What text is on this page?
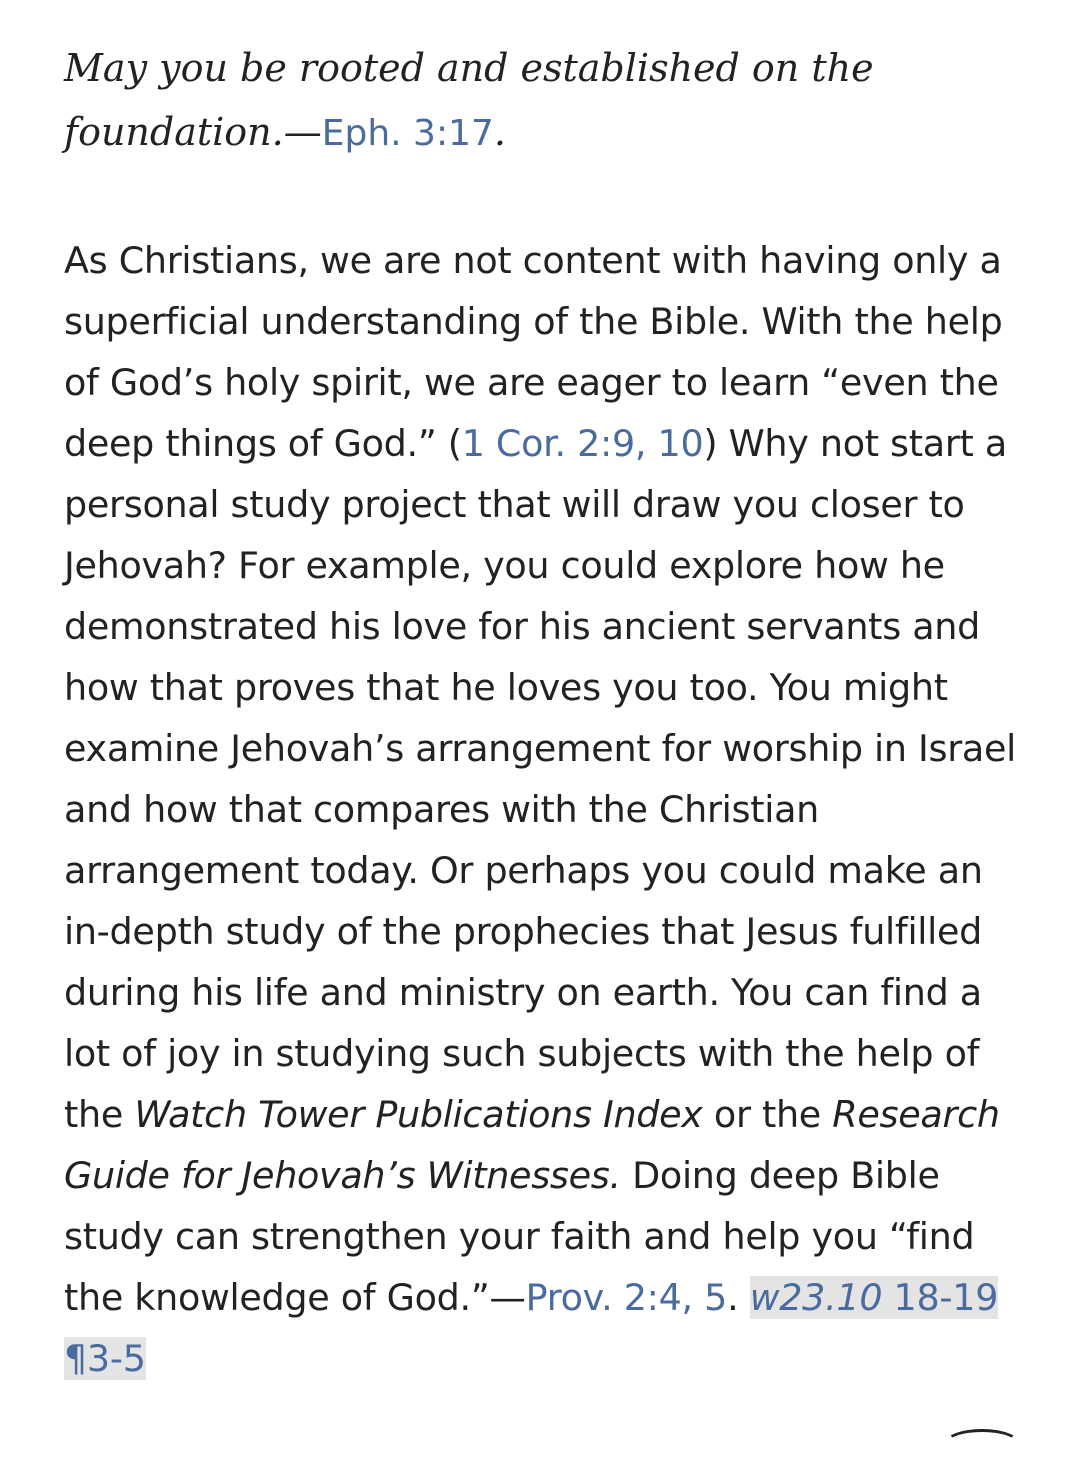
May you be rooted and established on the foundation.—Eph. 3:17.

As Christians, we are not content with having only a superficial understanding of the Bible. With the help of God’s holy spirit, we are eager to learn “even the deep things of God.” (1 Cor. 2:9, 10) Why not start a personal study project that will draw you closer to Jehovah? For example, you could explore how he demonstrated his love for his ancient servants and how that proves that he loves you too. You might examine Jehovah’s arrangement for worship in Israel and how that compares with the Christian arrangement today. Or perhaps you could make an in-depth study of the prophecies that Jesus fulfilled during his life and ministry on earth. You can find a lot of joy in studying such subjects with the help of the Watch Tower Publications Index or the Research Guide for Jehovah’s Witnesses. Doing deep Bible study can strengthen your faith and help you “find the knowledge of God.”—Prov. 2:4, 5. w23.10 18-19 ¶3-5
